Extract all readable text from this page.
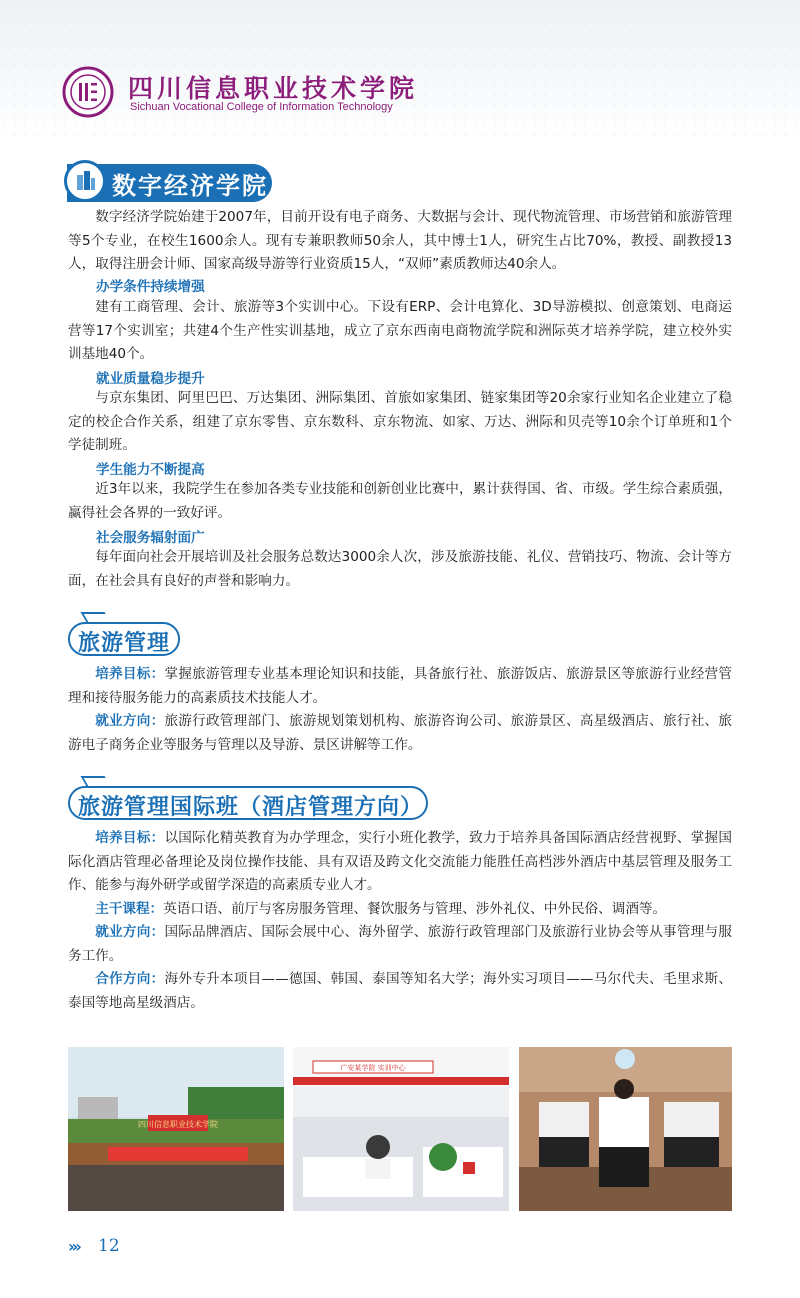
四川信息职业技术学院
Sichuan Vocational College of Information Technology
数字经济学院

数字经济学院始建于2007年，目前开设有电子商务、大数据与会计、现代物流管理、市场营销和旅游管理等5个专业，在校生1600余人。现有专兼职教师50余人，其中博士1人，研究生占比70%，教授、副教授13人，取得注册会计师、国家高级导游等行业资质15人，“双师”素质教师达40余人。

办学条件持续增强

建有工商管理、会计、旅游等3个实训中心。下设有ERP、会计电算化、3D导游模拟、创意策划、电商运营等17个实训室；共建4个生产性实训基地，成立了京东西南电商物流学院和洲际英才培养学院，建立校外实训基地40个。

就业质量稳步提升

与京东集团、阿里巴巴、万达集团、洲际集团、首旅如家集团、链家集团等20余家行业知名企业建立了稳定的校企合作关系，组建了京东零售、京东数科、京东物流、如家、万达、洲际和贝壳等10余个订单班和1个学徒制班。

学生能力不断提高

近3年以来，我院学生在参加各类专业技能和创新创业比赛中，累计获得国、省、市级。学生综合素质强，赢得社会各界的一致好评。

社会服务辐射面广

每年面向社会开展培训及社会服务总数达3000余人次，涉及旅游技能、礼仪、营销技巧、物流、会计等方面，在社会具有良好的声誉和影响力。

旅游管理

培养目标：掌握旅游管理专业基本理论知识和技能，具备旅行社、旅游饭店、旅游景区等旅游行业经营管理和接待服务能力的高素质技术技能人才。

就业方向：旅游行政管理部门、旅游规划策划机构、旅游咨询公司、旅游景区、高星级酒店、旅行社、旅游电子商务企业等服务与管理以及导游、景区讲解等工作。

旅游管理国际班（酒店管理方向）

培养目标：以国际化精英教育为办学理念，实行小班化教学，致力于培养具备国际酒店经营视野、掌握国际化酒店管理必备理论及岗位操作技能、具有双语及跨文化交流能力能胜任高档涉外酒店中基层管理及服务工作、能参与海外研学或留学深造的高素质专业人才。

主干课程：英语口语、前厅与客房服务管理、餐饮服务与管理、涉外礼仪、中外民俗、调酒等。

就业方向：国际品牌酒店、国际会展中心、海外留学、旅游行政管理部门及旅游行业协会等从事管理与服务工作。

合作方向：海外专升本项目——德国、韩国、泰国等知名大学；海外实习项目——马尔代夫、毛里求斯、泰国等地高星级酒店。

四川信息职业技术学院
广安某学院 实训中心
››› 12
